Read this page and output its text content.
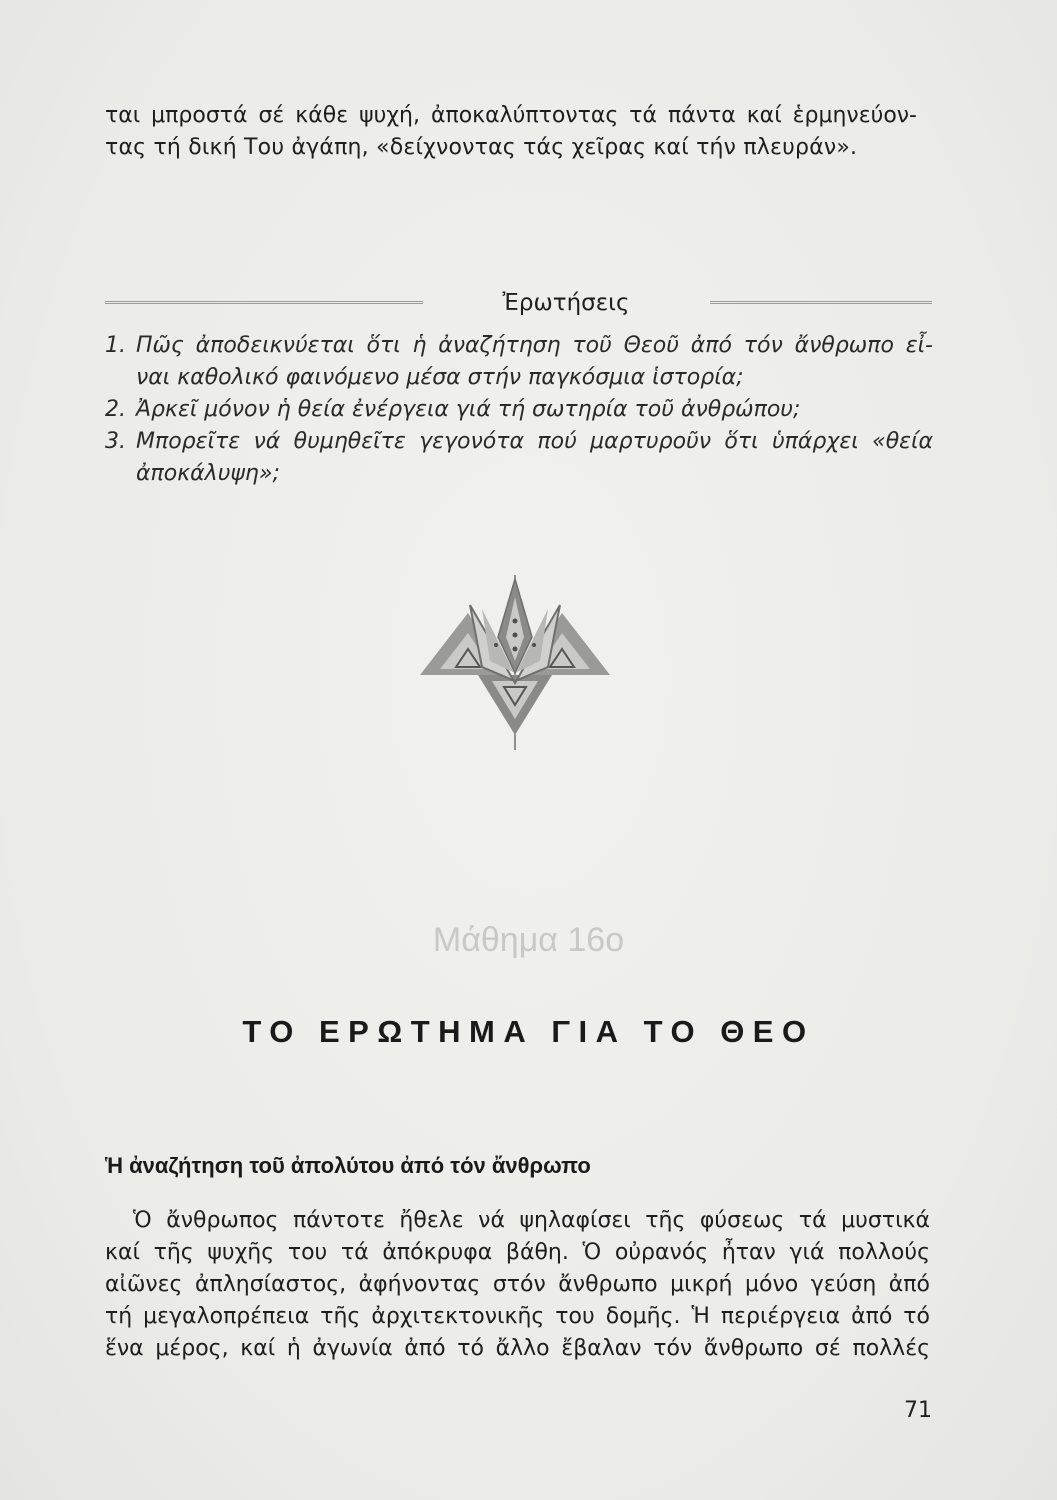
ται μπροστά σέ κάθε ψυχή, ἀποκαλύπτοντας τά πάντα καί ἑρμηνεύον-
τας τή δική Του ἀγάπη, «δείχνοντας τάς χεῖρας καί τήν πλευράν».
Ἐρωτήσεις
1. Πῶς ἀποδεικνύεται ὅτι ἡ ἀναζήτηση τοῦ Θεοῦ ἀπό τόν ἄνθρωπο εἶ-
ναι καθολικό φαινόμενο μέσα στήν παγκόσμια ἱστορία;
2. Ἀρκεῖ μόνον ἡ θεία ἐνέργεια γιά τή σωτηρία τοῦ ἀνθρώπου;
3. Μπορεῖτε νά θυμηθεῖτε γεγονότα πού μαρτυροῦν ὅτι ὑπάρχει «θεία
ἀποκάλυψη»;
Μάθημα 16ο
ΤΟ ΕΡΩΤΗΜΑ ΓΙΑ ΤΟ ΘΕΟ
Ἡ ἀναζήτηση τοῦ ἀπολύτου ἀπό τόν ἄνθρωπο
Ὁ ἄνθρωπος πάντοτε ἤθελε νά ψηλαφίσει τῆς φύσεως τά μυστικά
καί τῆς ψυχῆς του τά ἀπόκρυφα βάθη. Ὁ οὐρανός ἦταν γιά πολλούς
αἰῶνες ἀπλησίαστος, ἀφήνοντας στόν ἄνθρωπο μικρή μόνο γεύση ἀπό
τή μεγαλοπρέπεια τῆς ἀρχιτεκτονικῆς του δομῆς. Ἡ περιέργεια ἀπό τό
ἕνα μέρος, καί ἡ ἀγωνία ἀπό τό ἄλλο ἔβαλαν τόν ἄνθρωπο σέ πολλές
71
